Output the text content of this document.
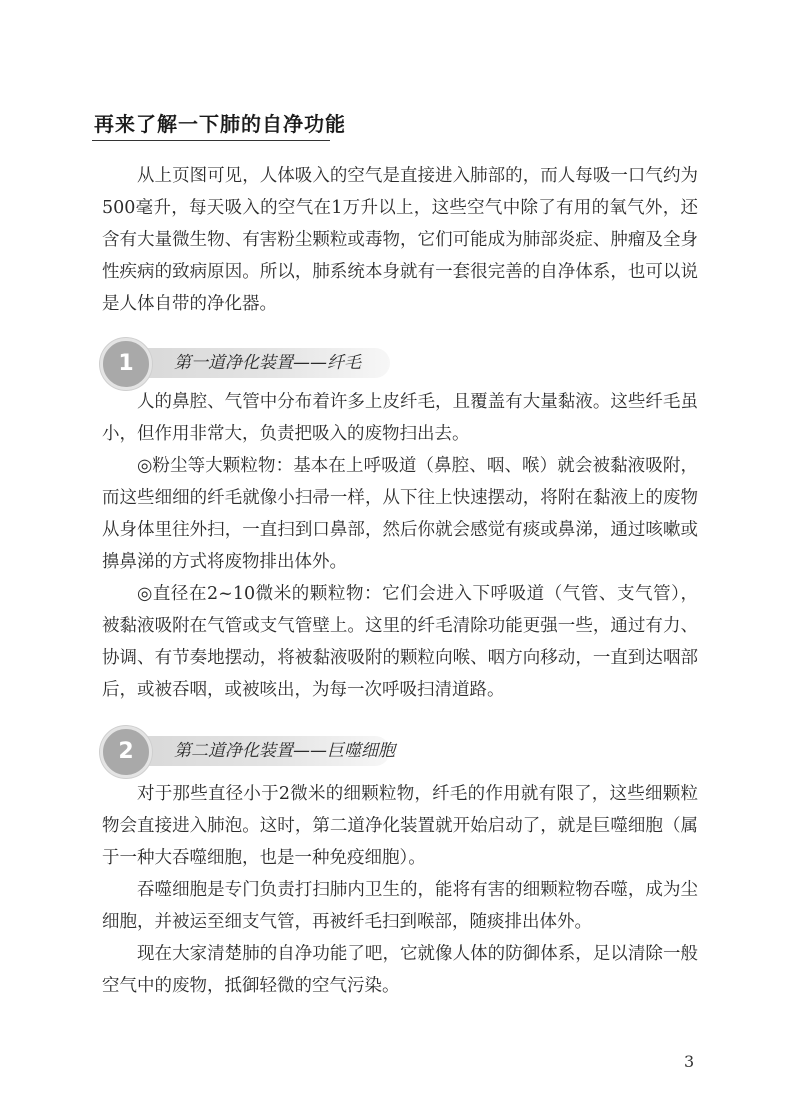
再来了解一下肺的自净功能

从上页图可见，人体吸入的空气是直接进入肺部的，而人每吸一口气约为500毫升，每天吸入的空气在1万升以上，这些空气中除了有用的氧气外，还含有大量微生物、有害粉尘颗粒或毒物，它们可能成为肺部炎症、肿瘤及全身性疾病的致病原因。所以，肺系统本身就有一套很完善的自净体系，也可以说是人体自带的净化器。

1	第一道净化装置——纤毛

人的鼻腔、气管中分布着许多上皮纤毛，且覆盖有大量黏液。这些纤毛虽小，但作用非常大，负责把吸入的废物扫出去。

◎粉尘等大颗粒物：基本在上呼吸道（鼻腔、咽、喉）就会被黏液吸附，而这些细细的纤毛就像小扫帚一样，从下往上快速摆动，将附在黏液上的废物从身体里往外扫，一直扫到口鼻部，然后你就会感觉有痰或鼻涕，通过咳嗽或擤鼻涕的方式将废物排出体外。

◎直径在2~10微米的颗粒物：它们会进入下呼吸道（气管、支气管），被黏液吸附在气管或支气管壁上。这里的纤毛清除功能更强一些，通过有力、协调、有节奏地摆动，将被黏液吸附的颗粒向喉、咽方向移动，一直到达咽部后，或被吞咽，或被咳出，为每一次呼吸扫清道路。

2	第二道净化装置——巨噬细胞

对于那些直径小于2微米的细颗粒物，纤毛的作用就有限了，这些细颗粒物会直接进入肺泡。这时，第二道净化装置就开始启动了，就是巨噬细胞（属于一种大吞噬细胞，也是一种免疫细胞）。

吞噬细胞是专门负责打扫肺内卫生的，能将有害的细颗粒物吞噬，成为尘细胞，并被运至细支气管，再被纤毛扫到喉部，随痰排出体外。

现在大家清楚肺的自净功能了吧，它就像人体的防御体系，足以清除一般空气中的废物，抵御轻微的空气污染。

3
